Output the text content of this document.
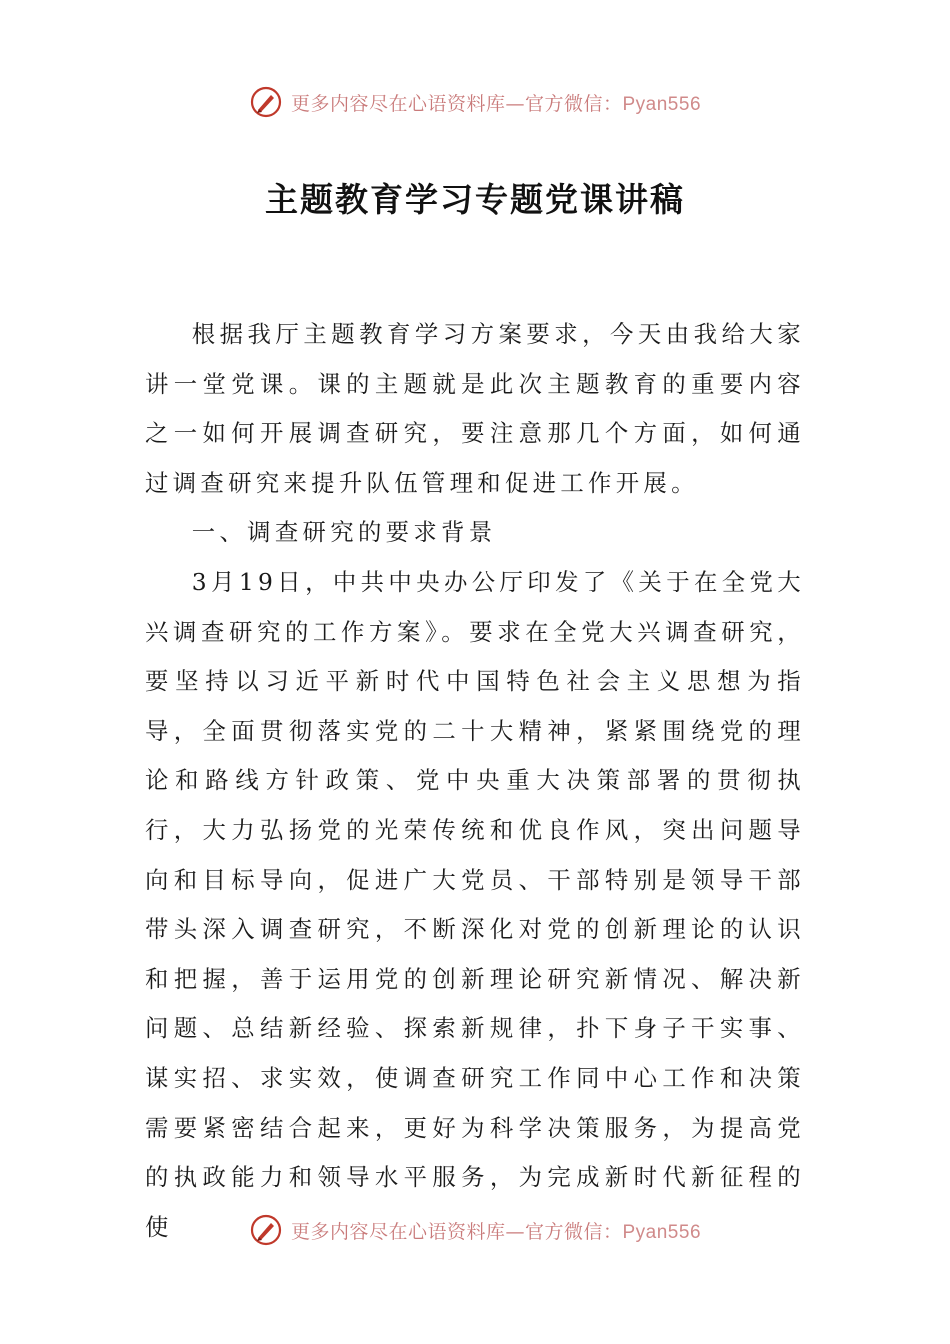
更多内容尽在心语资料库—官方微信：Pyan556
主题教育学习专题党课讲稿

根据我厅主题教育学习方案要求，今天由我给大家讲一堂党课。课的主题就是此次主题教育的重要内容之一如何开展调查研究，要注意那几个方面，如何通过调查研究来提升队伍管理和促进工作开展。

一、调查研究的要求背景

3月19日，中共中央办公厅印发了《关于在全党大兴调查研究的工作方案》。要求在全党大兴调查研究，要坚持以习近平新时代中国特色社会主义思想为指导，全面贯彻落实党的二十大精神，紧紧围绕党的理论和路线方针政策、党中央重大决策部署的贯彻执行，大力弘扬党的光荣传统和优良作风，突出问题导向和目标导向，促进广大党员、干部特别是领导干部带头深入调查研究，不断深化对党的创新理论的认识和把握，善于运用党的创新理论研究新情况、解决新问题、总结新经验、探索新规律，扑下身子干实事、谋实招、求实效，使调查研究工作同中心工作和决策需要紧密结合起来，更好为科学决策服务，为提高党的执政能力和领导水平服务，为完成新时代新征程的使	更多内容尽在心语资料库—官方微信：Pyan556
